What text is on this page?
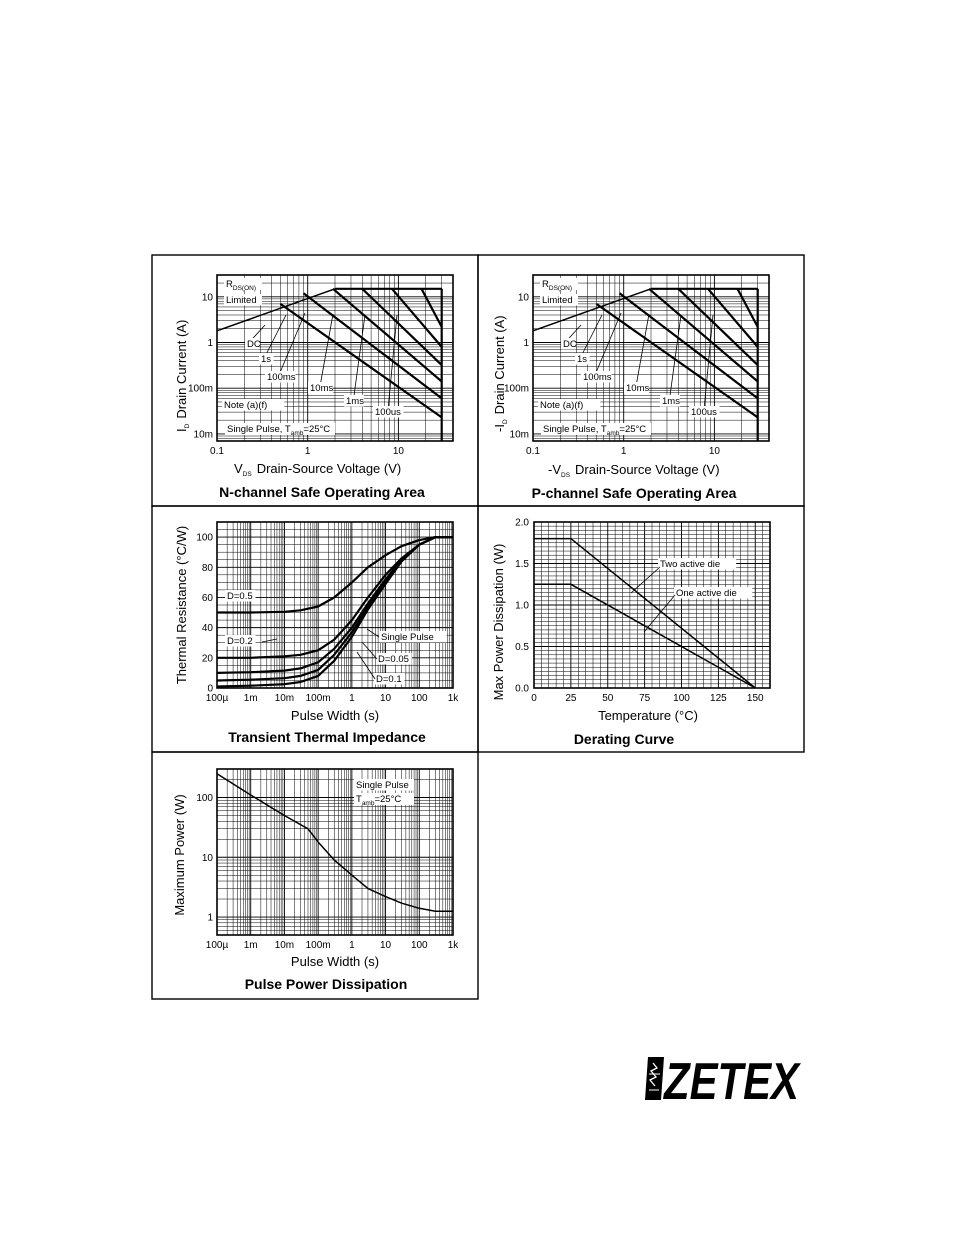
$R_{DS(ON)}$
Limited
DC
1s
100ms
10ms
1ms
100us
Note (a)(f)
Single Pulse, $T_{amb}=25^\circ C$
0.1	1	10
10m
100m
1
10
$V_{DS}$ Drain-Source Voltage (V)
$I_DDrain$ Current (A)
N-channel Safe Operating Area
$R_{DS(ON)}$
Limited
DC
1s
100ms
10ms
1ms
100us
Note (a)(f)
Single Pulse, $T_{amb}=25^\circ C$
0.1	1	10
10m
100m
1
10
$-V_{DS}$ Drain-Source Voltage (V)
$-I_DDrain$ Current (A)
P-channel Safe Operating Area
D=0.5
D=0.2	Single Pulse
D=0.05
D=0.1
100µ 1m 10m 100m 1	10 100 1k
0
20
40
60
80
100
Pulse Width (s)
Thermal Resistance (°C/W)
Transient Thermal Impedance
Two active die
One active die
0	25	50	75 100 125 150
0.0
0.5
1.0
1.5
2.0
Temperature (°C)
Max Power Dissipation (W)
Derating Curve
Single Pulse
$T_{amb}=25^\circ C$
100µ 1m 10m 100m 1	10 100 1k
1
10
100
Pulse Width (s)
Maximum Power (W)
Pulse Power Dissipation
ZETEX
